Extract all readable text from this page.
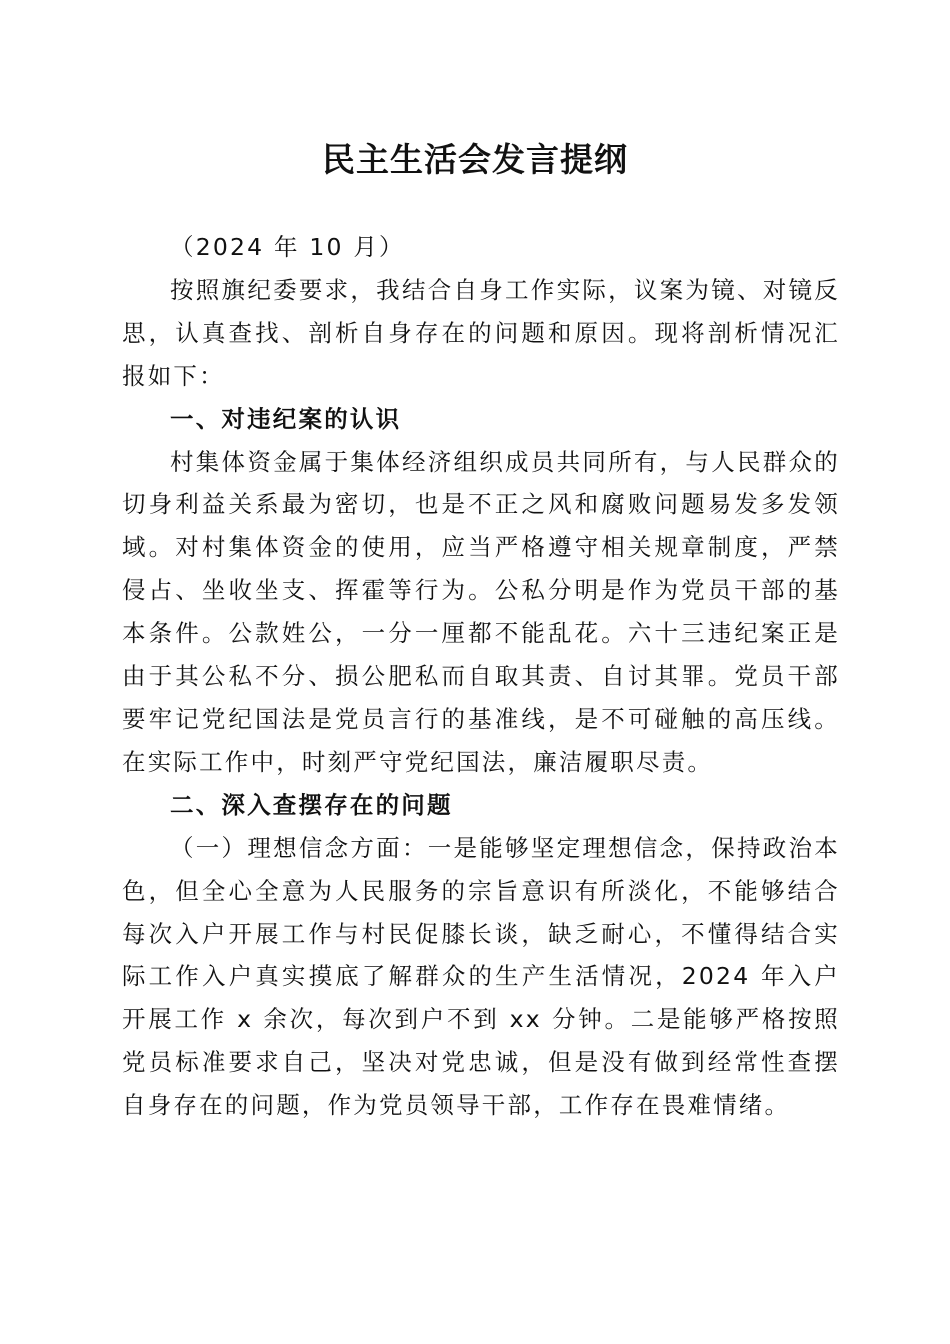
民主生活会发言提纲

（2024 年 10 月）

按照旗纪委要求，我结合自身工作实际，议案为镜、对镜反思，认真查找、剖析自身存在的问题和原因。现将剖析情况汇报如下：

一、对违纪案的认识

村集体资金属于集体经济组织成员共同所有，与人民群众的切身利益关系最为密切，也是不正之风和腐败问题易发多发领域。对村集体资金的使用，应当严格遵守相关规章制度，严禁侵占、坐收坐支、挥霍等行为。公私分明是作为党员干部的基本条件。公款姓公，一分一厘都不能乱花。六十三违纪案正是由于其公私不分、损公肥私而自取其责、自讨其罪。党员干部要牢记党纪国法是党员言行的基准线，是不可碰触的高压线。在实际工作中，时刻严守党纪国法，廉洁履职尽责。

二、深入查摆存在的问题

（一）理想信念方面：一是能够坚定理想信念，保持政治本色，但全心全意为人民服务的宗旨意识有所淡化，不能够结合每次入户开展工作与村民促膝长谈，缺乏耐心，不懂得结合实际工作入户真实摸底了解群众的生产生活情况，2024 年入户开展工作 x 余次，每次到户不到 xx 分钟。二是能够严格按照党员标准要求自己，坚决对党忠诚，但是没有做到经常性查摆自身存在的问题，作为党员领导干部，工作存在畏难情绪。
